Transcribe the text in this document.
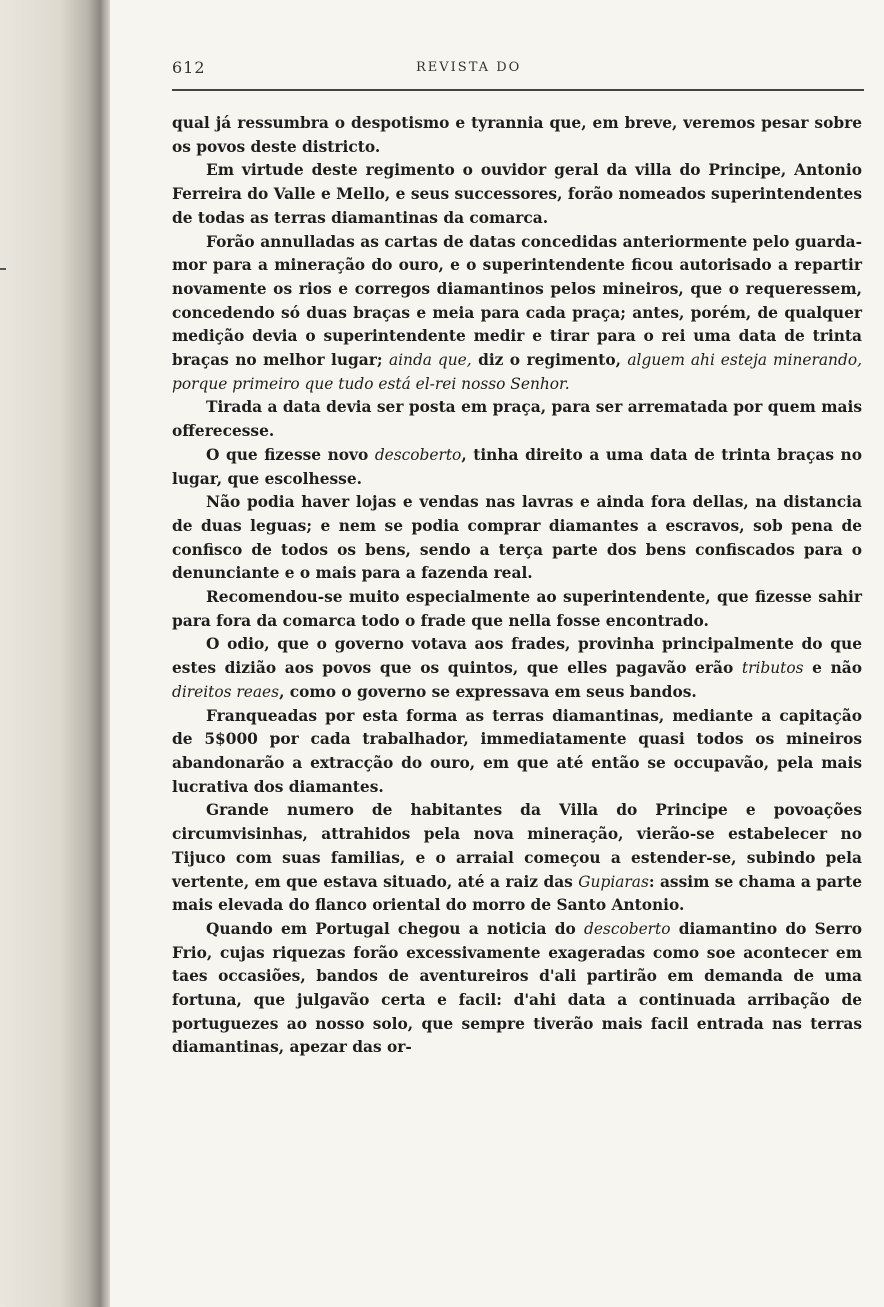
612	REVISTA DO

qual já ressumbra o despotismo e tyrannia que, em breve, veremos pesar sobre os povos deste districto.

Em virtude deste regimento o ouvidor geral da villa do Principe, Antonio Ferreira do Valle e Mello, e seus successores, forão nomeados superintendentes de todas as terras diamantinas da comarca.

Forão annulladas as cartas de datas concedidas anteriormente pelo guarda-mor para a mineração do ouro, e o superintendente ficou autorisado a repartir novamente os rios e corregos diamantinos pelos mineiros, que o requeressem, concedendo só duas braças e meia para cada praça; antes, porém, de qualquer medição devia o superintendente medir e tirar para o rei uma data de trinta braças no melhor lugar; ainda que, diz o regimento, alguem ahi esteja minerando, porque primeiro que tudo está el-rei nosso Senhor.

Tirada a data devia ser posta em praça, para ser arrematada por quem mais offerecesse.

O que fizesse novo descoberto, tinha direito a uma data de trinta braças no lugar, que escolhesse.

Não podia haver lojas e vendas nas lavras e ainda fora dellas, na distancia de duas leguas; e nem se podia comprar diamantes a escravos, sob pena de confisco de todos os bens, sendo a terça parte dos bens confiscados para o denunciante e o mais para a fazenda real.

Recomendou-se muito especialmente ao superintendente, que fizesse sahir para fora da comarca todo o frade que nella fosse encontrado.

O odio, que o governo votava aos frades, provinha principalmente do que estes dizião aos povos que os quintos, que elles pagavão erão tributos e não direitos reaes, como o governo se expressava em seus bandos.

Franqueadas por esta forma as terras diamantinas, mediante a capitação de 5$000 por cada trabalhador, immediatamente quasi todos os mineiros abandonarão a extracção do ouro, em que até então se occupavão, pela mais lucrativa dos diamantes.

Grande numero de habitantes da Villa do Principe e povoações circumvisinhas, attrahidos pela nova mineração, vierão-se estabelecer no Tijuco com suas familias, e o arraial começou a estender-se, subindo pela vertente, em que estava situado, até a raiz das Gupiaras: assim se chama a parte mais elevada do flanco oriental do morro de Santo Antonio.

Quando em Portugal chegou a noticia do descoberto diamantino do Serro Frio, cujas riquezas forão excessivamente exageradas como soe acontecer em taes occasiões, bandos de aventureiros d'ali partirão em demanda de uma fortuna, que julgavão certa e facil: d'ahi data a continuada arribação de portuguezes ao nosso solo, que sempre tiverão mais facil entrada nas terras diamantinas, apezar das or-
